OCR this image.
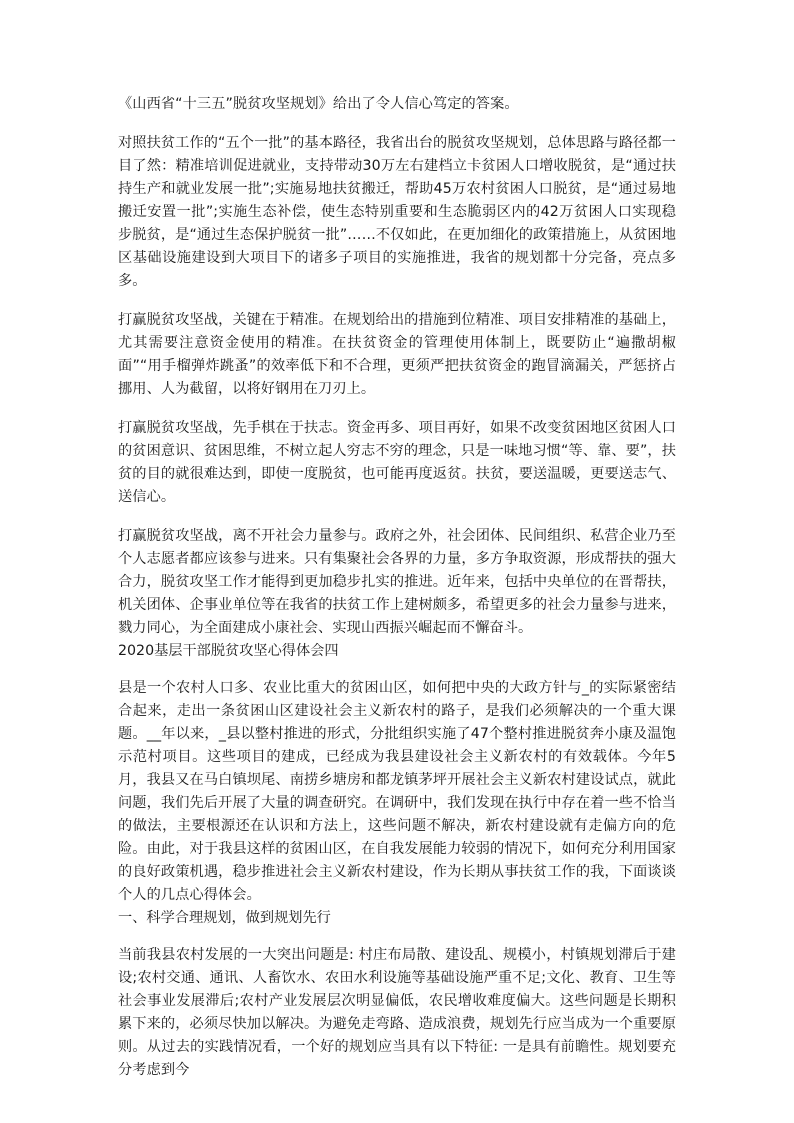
《山西省“十三五”脱贫攻坚规划》给出了令人信心笃定的答案。

对照扶贫工作的“五个一批”的基本路径，我省出台的脱贫攻坚规划，总体思路与路径都一目了然：精准培训促进就业，支持带动30万左右建档立卡贫困人口增收脱贫，是“通过扶持生产和就业发展一批”;实施易地扶贫搬迁，帮助45万农村贫困人口脱贫，是“通过易地搬迁安置一批”;实施生态补偿，使生态特别重要和生态脆弱区内的42万贫困人口实现稳步脱贫，是“通过生态保护脱贫一批”……不仅如此，在更加细化的政策措施上，从贫困地区基础设施建设到大项目下的诸多子项目的实施推进，我省的规划都十分完备，亮点多多。

打赢脱贫攻坚战，关键在于精准。在规划给出的措施到位精准、项目安排精准的基础上，尤其需要注意资金使用的精准。在扶贫资金的管理使用体制上，既要防止“遍撒胡椒面”“用手榴弹炸跳蚤”的效率低下和不合理，更须严把扶贫资金的跑冒滴漏关，严惩挤占挪用、人为截留，以将好钢用在刀刃上。

打赢脱贫攻坚战，先手棋在于扶志。资金再多、项目再好，如果不改变贫困地区贫困人口的贫困意识、贫困思维，不树立起人穷志不穷的理念，只是一味地习惯“等、靠、要”，扶贫的目的就很难达到，即使一度脱贫，也可能再度返贫。扶贫，要送温暖，更要送志气、送信心。

打赢脱贫攻坚战，离不开社会力量参与。政府之外，社会团体、民间组织、私营企业乃至个人志愿者都应该参与进来。只有集聚社会各界的力量，多方争取资源，形成帮扶的强大合力，脱贫攻坚工作才能得到更加稳步扎实的推进。近年来，包括中央单位的在晋帮扶，机关团体、企事业单位等在我省的扶贫工作上建树颇多，希望更多的社会力量参与进来，戮力同心，为全面建成小康社会、实现山西振兴崛起而不懈奋斗。

2020基层干部脱贫攻坚心得体会四

县是一个农村人口多、农业比重大的贫困山区，如何把中央的大政方针与_的实际紧密结合起来，走出一条贫困山区建设社会主义新农村的路子，是我们必须解决的一个重大课题。__年以来，_县以整村推进的形式，分批组织实施了47个整村推进脱贫奔小康及温饱示范村项目。这些项目的建成，已经成为我县建设社会主义新农村的有效载体。今年5月，我县又在马白镇坝尾、南捞乡塘房和都龙镇茅坪开展社会主义新农村建设试点，就此问题，我们先后开展了大量的调查研究。在调研中，我们发现在执行中存在着一些不恰当的做法，主要根源还在认识和方法上，这些问题不解决，新农村建设就有走偏方向的危险。由此，对于我县这样的贫困山区，在自我发展能力较弱的情况下，如何充分利用国家的良好政策机遇，稳步推进社会主义新农村建设，作为长期从事扶贫工作的我，下面谈谈个人的几点心得体会。

一、科学合理规划，做到规划先行

当前我县农村发展的一大突出问题是: 村庄布局散、建设乱、规模小，村镇规划滞后于建设;农村交通、通讯、人畜饮水、农田水利设施等基础设施严重不足;文化、教育、卫生等社会事业发展滞后;农村产业发展层次明显偏低，农民增收难度偏大。这些问题是长期积累下来的，必须尽快加以解决。为避免走弯路、造成浪费，规划先行应当成为一个重要原则。从过去的实践情况看，一个好的规划应当具有以下特征: 一是具有前瞻性。规划要充分考虑到今
